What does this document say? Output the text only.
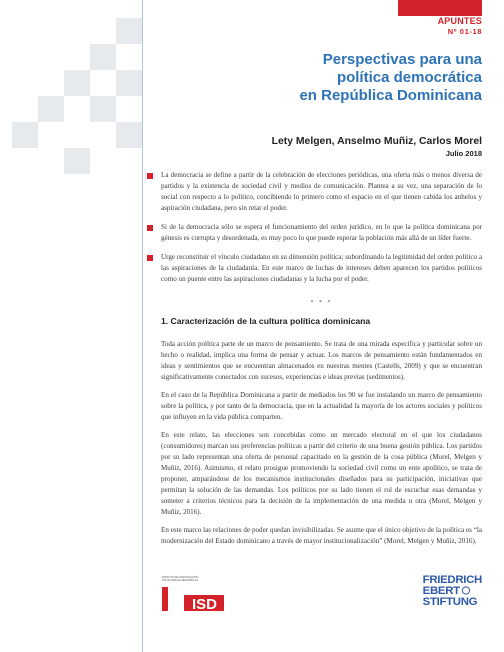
APUNTES
Nº 01-18
Perspectivas para una
política democrática
en República Dominicana
Lety Melgen, Anselmo Muñiz, Carlos Morel
Julio 2018

La democracia se define a partir de la celebración de elecciones periódicas, una oferta más o menos diversa de partidos y la existencia de sociedad civil y medios de comunicación. Plantea a su vez, una separación de lo social con respecto a lo político, concibiendo lo primero como el espacio en el que tienen cabida los anhelos y aspiración ciudadana, pero sin retar el poder.

Si de la democracia sólo se espera el funcionamiento del orden jurídico, en lo que la política dominicana por génesis es corrupta y desordenada, es muy poco lo que puede esperar la población más allá de un líder fuerte.

Urge reconstituir el vínculo ciudadano en su dimensión política; subordinando la legitimidad del orden político a las aspiraciones de la ciudadanía. En este marco de luchas de intereses deben aparecen los partidos políticos como un puente entre las aspiraciones ciudadanas y la lucha por el poder.

* * *
1. Caracterización de la cultura política dominicana

Toda acción política parte de un marco de pensamiento. Se trata de una mirada específica y particular sobre un hecho o realidad, implica una forma de pensar y actuar. Los marcos de pensamiento están fundamentados en ideas y sentimientos que se encuentran almacenados en nuestras mentes (Castells, 2009) y que se encuentran significativamente conectados con sucesos, experiencias e ideas previas (sedimentos).

En el caso de la República Dominicana a partir de mediados los 90 se fue instalando un marco de pensamiento sobre la política, y por tanto de la democracia, que en la actualidad la mayoría de los actores sociales y políticos que influyen en la vida pública comparten.

En este relato, las elecciones son concebidas como un mercado electoral en el que los ciudadanos (consumidores) marcan sus preferencias políticas a partir del criterio de una buena gestión pública. Los partidos por su lado representan una oferta de personal capacitado en la gestión de la cosa pública (Morel, Melgen y Muñiz, 2016). Asimismo, el relato prosigue promoviendo la sociedad civil como un ente apolítico, se trata de proponer, amparándose de los mecanismos institucionales diseñados para su participación, iniciativas que permitan la solución de las demandas. Los políticos por su lado tienen el rol de escuchar esas demandas y someter a criterios técnicos para la decisión de la implementación de una medida u otra (Morel, Melgen y Muñiz, 2016).

En este marco las relaciones de poder quedan invisibilizadas. Se asume que el único objetivo de la política es “la modernización del Estado dominicano a través de mayor institucionalización” (Morel, Melgen y Muñiz, 2016).

INSTITUTO DE INVESTIGACIÓN SOCIAL PARA EL DESARROLLO
ISD
FRIEDRICH
EBERT
STIFTUNG
